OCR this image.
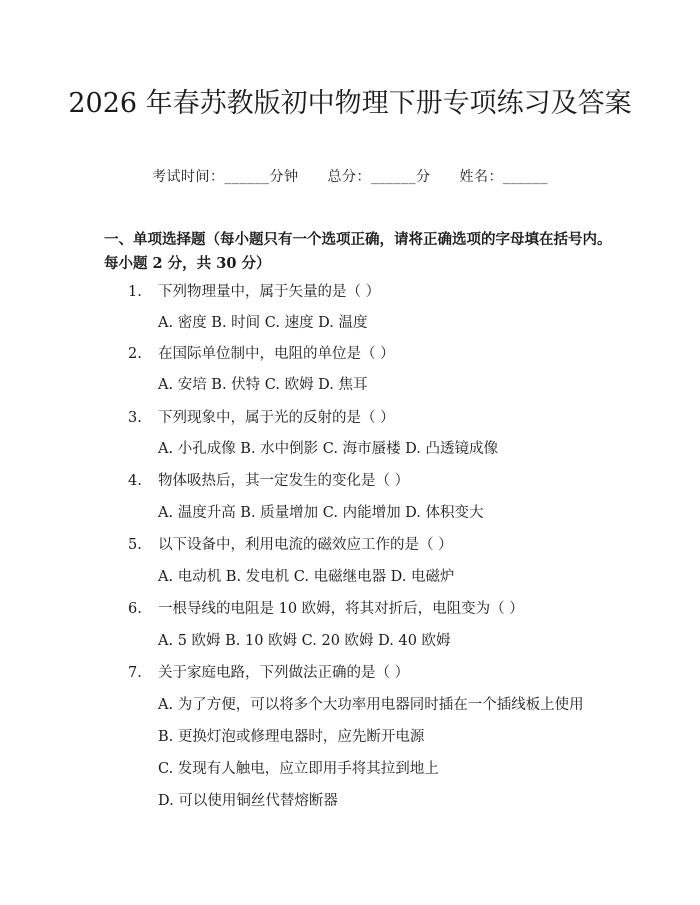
2026 年春苏教版初中物理下册专项练习及答案
考试时间：______分钟 总分：______分 姓名：______
一、单项选择题（每小题只有一个选项正确，请将正确选项的字母填在括号内。每小题 2 分，共 30 分）
1. 下列物理量中，属于矢量的是（ ）
A. 密度 B. 时间 C. 速度 D. 温度
2. 在国际单位制中，电阻的单位是（ ）
A. 安培 B. 伏特 C. 欧姆 D. 焦耳
3. 下列现象中，属于光的反射的是（ ）
A. 小孔成像 B. 水中倒影 C. 海市蜃楼 D. 凸透镜成像
4. 物体吸热后，其一定发生的变化是（ ）
A. 温度升高 B. 质量增加 C. 内能增加 D. 体积变大
5. 以下设备中，利用电流的磁效应工作的是（ ）
A. 电动机 B. 发电机 C. 电磁继电器 D. 电磁炉
6. 一根导线的电阻是 10 欧姆，将其对折后，电阻变为（ ）
A. 5 欧姆 B. 10 欧姆 C. 20 欧姆 D. 40 欧姆
7. 关于家庭电路，下列做法正确的是（ ）
A. 为了方便，可以将多个大功率用电器同时插在一个插线板上使用
B. 更换灯泡或修理电器时，应先断开电源
C. 发现有人触电，应立即用手将其拉到地上
D. 可以使用铜丝代替熔断器
